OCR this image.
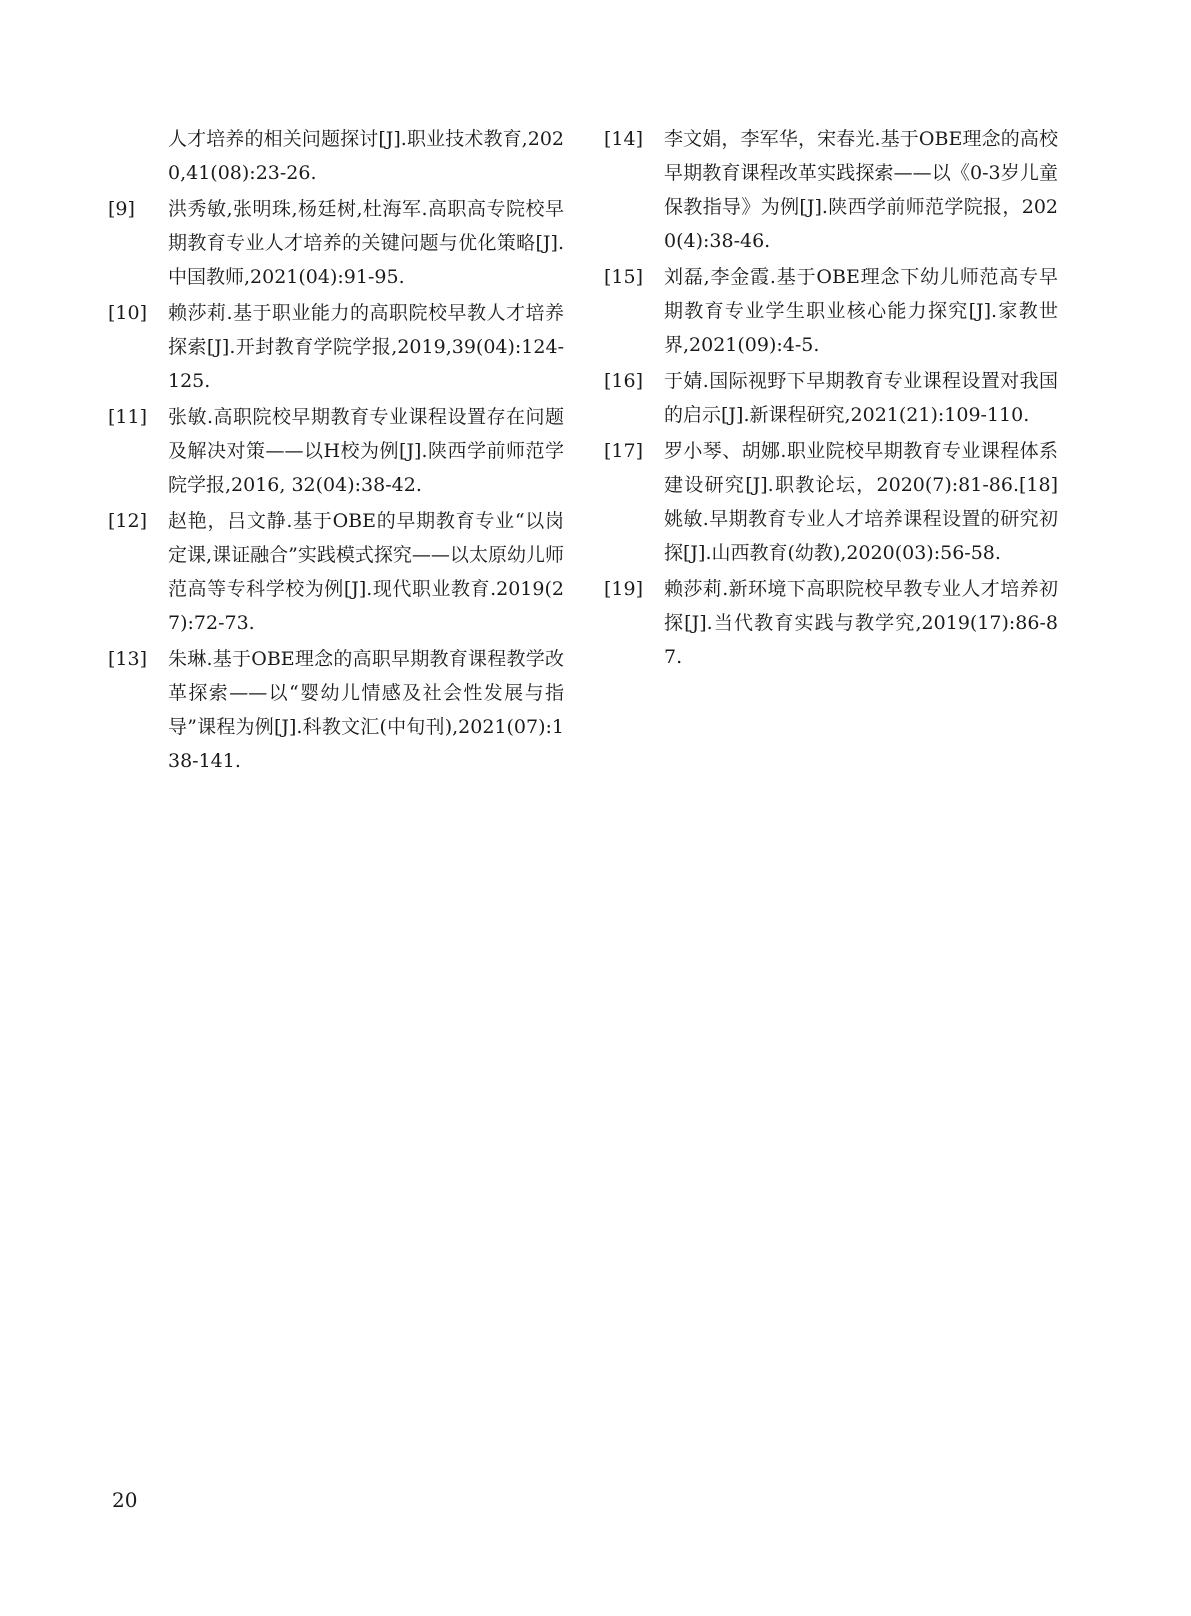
人才培养的相关问题探讨[J].职业技术教育,2020,41(08):23-26.
[9]	洪秀敏,张明珠,杨廷树,杜海军.高职高专院校早期教育专业人才培养的关键问题与优化策略[J].中国教师,2021(04):91-95.
[10]	赖莎莉.基于职业能力的高职院校早教人才培养探索[J].开封教育学院学报,2019,39(04):124-125.
[11]	张敏.高职院校早期教育专业课程设置存在问题及解决对策——以H校为例[J].陕西学前师范学院学报,2016, 32(04):38-42.
[12]	赵艳，吕文静.基于OBE的早期教育专业“以岗定课,课证融合”实践模式探究——以太原幼儿师范高等专科学校为例[J].现代职业教育.2019(27):72-73.
[13]	朱琳.基于OBE理念的高职早期教育课程教学改革探索——以“婴幼儿情感及社会性发展与指导”课程为例[J].科教文汇(中旬刊),2021(07):138-141.
[14]	李文娟，李军华，宋春光.基于OBE理念的高校早期教育课程改革实践探索——以《0-3岁儿童保教指导》为例[J].陕西学前师范学院报，2020(4):38-46.
[15]	刘磊,李金霞.基于OBE理念下幼儿师范高专早期教育专业学生职业核心能力探究[J].家教世界,2021(09):4-5.
[16]	于婧.国际视野下早期教育专业课程设置对我国的启示[J].新课程研究,2021(21):109-110.
[17]	罗小琴、胡娜.职业院校早期教育专业课程体系建设研究[J].职教论坛，2020(7):81-86.[18]姚敏.早期教育专业人才培养课程设置的研究初探[J].山西教育(幼教),2020(03):56-58.
[19]	赖莎莉.新环境下高职院校早教专业人才培养初探[J].当代教育实践与教学究,2019(17):86-87.
20
